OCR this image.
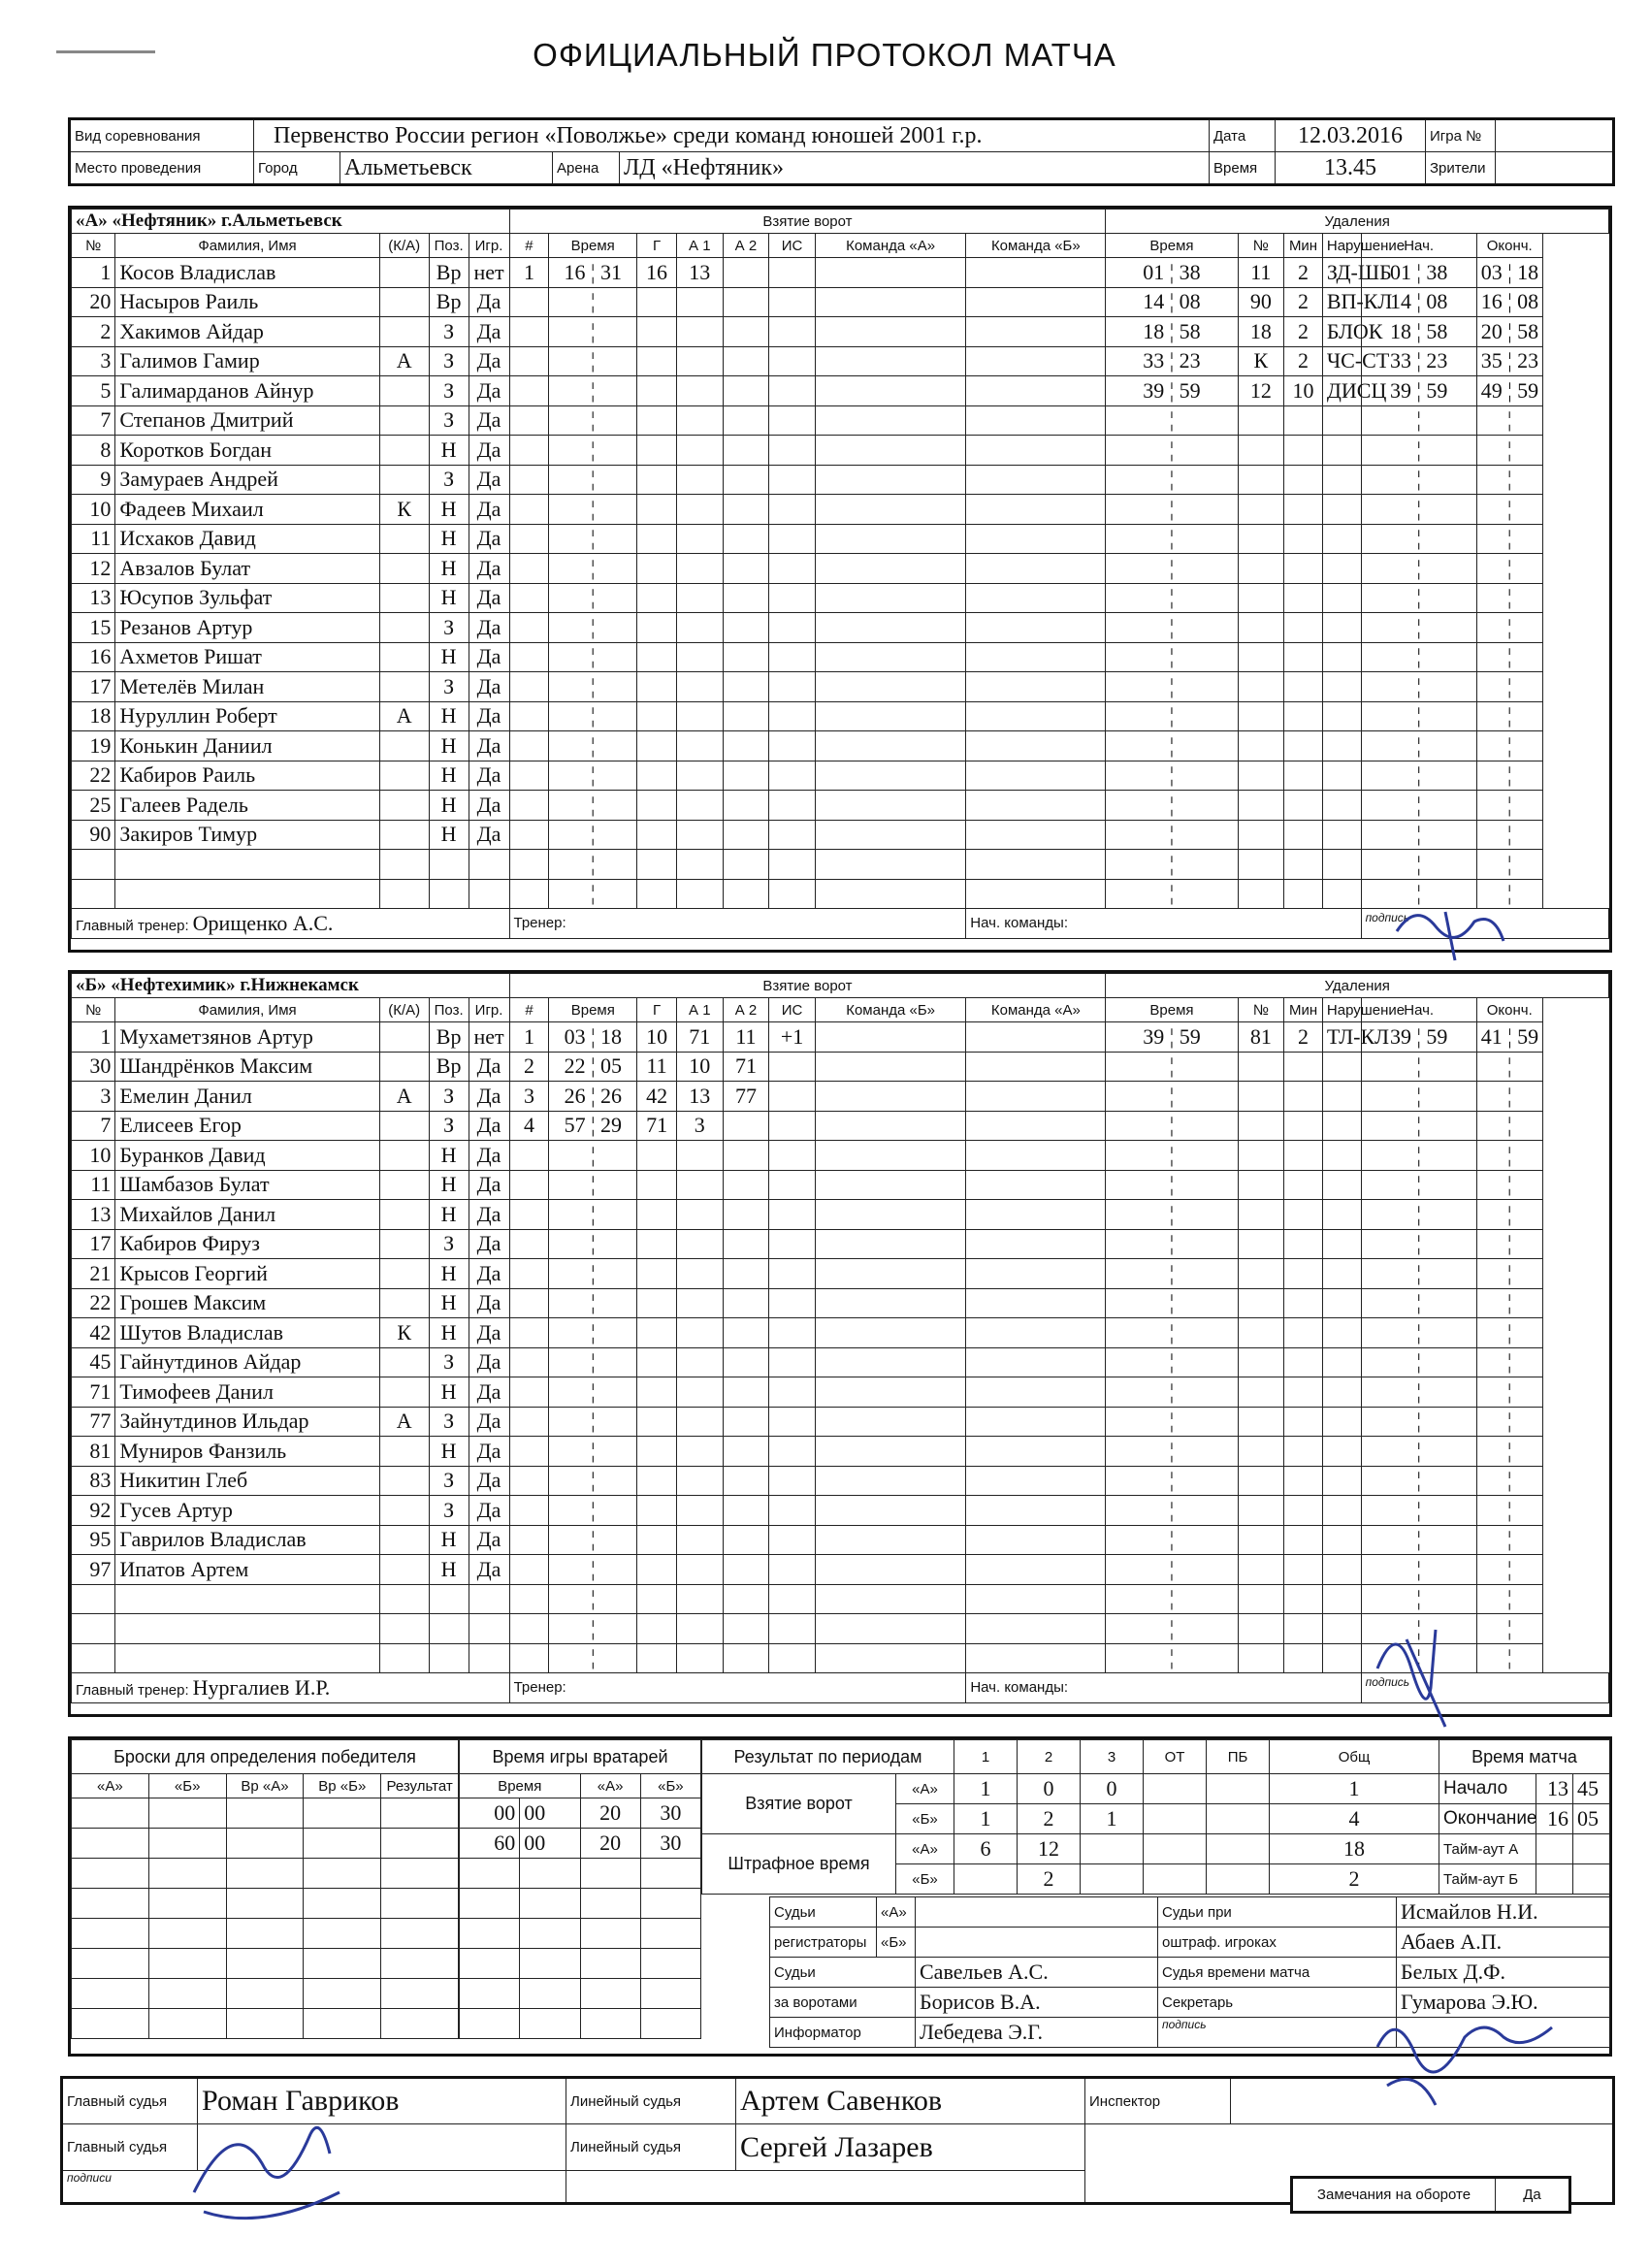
ОФИЦИАЛЬНЫЙ ПРОТОКОЛ МАТЧА
Вид соревнования	Первенство России регион «Поволжье» среди команд юношей 2001 г.р.	Дата	12.03.2016	Игра №	
Место проведения		Город	Альметьевск	Арена	ЛД «Нефтяник»
		Время	13.45	Зрители	
«А» «Нефтяник» г.Альметьевск					Взятие ворот								Удаления					
№	Фамилия, Имя	(К/А)	Поз.	Игр.	#	Время	Г	А 1	А 2	ИС	Команда «А»	Команда «Б»	Время	№	Мин	Нарушение	Нач.	Оконч.
1	Косов Владислав		Вр	нет	1	16 ¦ 31	16	13					01 ¦ 38	11	2	ЗД-ШБ	01 ¦ 38	03 ¦ 18
20	Насыров Раиль		Вр	Да		¦							14 ¦ 08	90	2	ВП-КЛ	14 ¦ 08	16 ¦ 08
2	Хакимов Айдар		З	Да		¦							18 ¦ 58	18	2	БЛОК	18 ¦ 58	20 ¦ 58
3	Галимов Гамир	А	З	Да		¦							33 ¦ 23	К	2	ЧС-СТ	33 ¦ 23	35 ¦ 23
5	Галимарданов Айнур		З	Да		¦							39 ¦ 59	12	10	ДИСЦ	39 ¦ 59	49 ¦ 59
7	Степанов Дмитрий		З	Да		¦							¦				¦	¦
8	Коротков Богдан		Н	Да		¦							¦				¦	¦
9	Замураев Андрей		З	Да		¦							¦				¦	¦
10	Фадеев Михаил	К	Н	Да		¦							¦				¦	¦
11	Исхаков Давид		Н	Да		¦							¦				¦	¦
12	Авзалов Булат		Н	Да		¦							¦				¦	¦
13	Юсупов Зульфат		Н	Да		¦							¦				¦	¦
15	Резанов Артур		З	Да		¦							¦				¦	¦
16	Ахметов Ришат		Н	Да		¦							¦				¦	¦
17	Метелёв Милан		З	Да		¦							¦				¦	¦
18	Нуруллин Роберт	А	Н	Да		¦							¦				¦	¦
19	Конькин Даниил		Н	Да		¦							¦				¦	¦
22	Кабиров Раиль		Н	Да		¦							¦				¦	¦
25	Галеев Радель		Н	Да		¦							¦				¦	¦
90	Закиров Тимур		Н	Да		¦							¦				¦	¦
						¦							¦				¦	¦
						¦							¦				¦	¦
Главный тренер: Орищенко А.С.					Тренер:							Нач. команды:					подпись	
«Б» «Нефтехимик» г.Нижнекамск					Взятие ворот								Удаления					
№	Фамилия, Имя	(К/А)	Поз.	Игр.	#	Время	Г	А 1	А 2	ИС	Команда «Б»	Команда «А»	Время	№	Мин	Нарушение	Нач.	Оконч.
1	Мухаметзянов Артур		Вр	нет	1	03 ¦ 18	10	71	11	+1			39 ¦ 59	81	2	ТЛ-КЛ	39 ¦ 59	41 ¦ 59
30	Шандрёнков Максим		Вр	Да	2	22 ¦ 05	11	10	71				¦				¦	¦
3	Емелин Данил	А	З	Да	3	26 ¦ 26	42	13	77				¦				¦	¦
7	Елисеев Егор		З	Да	4	57 ¦ 29	71	3					¦				¦	¦
10	Буранков Давид		Н	Да		¦							¦				¦	¦
11	Шамбазов Булат		Н	Да		¦							¦				¦	¦
13	Михайлов Данил		Н	Да		¦							¦				¦	¦
17	Кабиров Фируз		З	Да		¦							¦				¦	¦
21	Крысов Георгий		Н	Да		¦							¦				¦	¦
22	Грошев Максим		Н	Да		¦							¦				¦	¦
42	Шутов Владислав	К	Н	Да		¦							¦				¦	¦
45	Гайнутдинов Айдар		З	Да		¦							¦				¦	¦
71	Тимофеев Данил		Н	Да		¦							¦				¦	¦
77	Зайнутдинов Ильдар	А	З	Да		¦							¦				¦	¦
81	Муниров Фанзиль		Н	Да		¦							¦				¦	¦
83	Никитин Глеб		З	Да		¦							¦				¦	¦
92	Гусев Артур		З	Да		¦							¦				¦	¦
95	Гаврилов Владислав		Н	Да		¦							¦				¦	¦
97	Ипатов Артем		Н	Да		¦							¦				¦	¦
						¦							¦				¦	¦
						¦							¦				¦	¦
						¦							¦				¦	¦
Главный тренер: Нургалиев И.Р.					Тренер:							Нач. команды:					подпись	
Броски для определения победителя				
«А»	«Б»	Вр «А»	Вр «Б»	Результат

Время игры вратарей			
Время		«А»	«Б»
00	00	20	30
60	00	20	30

Результат по периодам		1	2	3	ОТ	ПБ	Общ
Взятие ворот	«А»	1	0	0			1
	«Б»	1	2	1			4
Штрафное время	«А»	6	12				18
	«Б»		2				2
Время матча		
Начало	13	45
Окончание	16	05
Тайм-аут А		
Тайм-аут Б		
Судьи	«А»		Судьи при	Исмайлов Н.И.
регистраторы	«Б»		оштраф. игроках	Абаев А.П.
Судьи		Савельев А.С.	Судья времени матча	Белых Д.Ф.
за воротами		Борисов В.А.	Секретарь	Гумарова Э.Ю.
Информатор		Лебедева Э.Г.	подпись	
Главный судья	Роман Гавриков	Линейный судья	Артем Савенков	Инспектор	
Главный судья		Линейный судья	Сергей Лазарев		
подписи					
Замечания на обороте	Да
